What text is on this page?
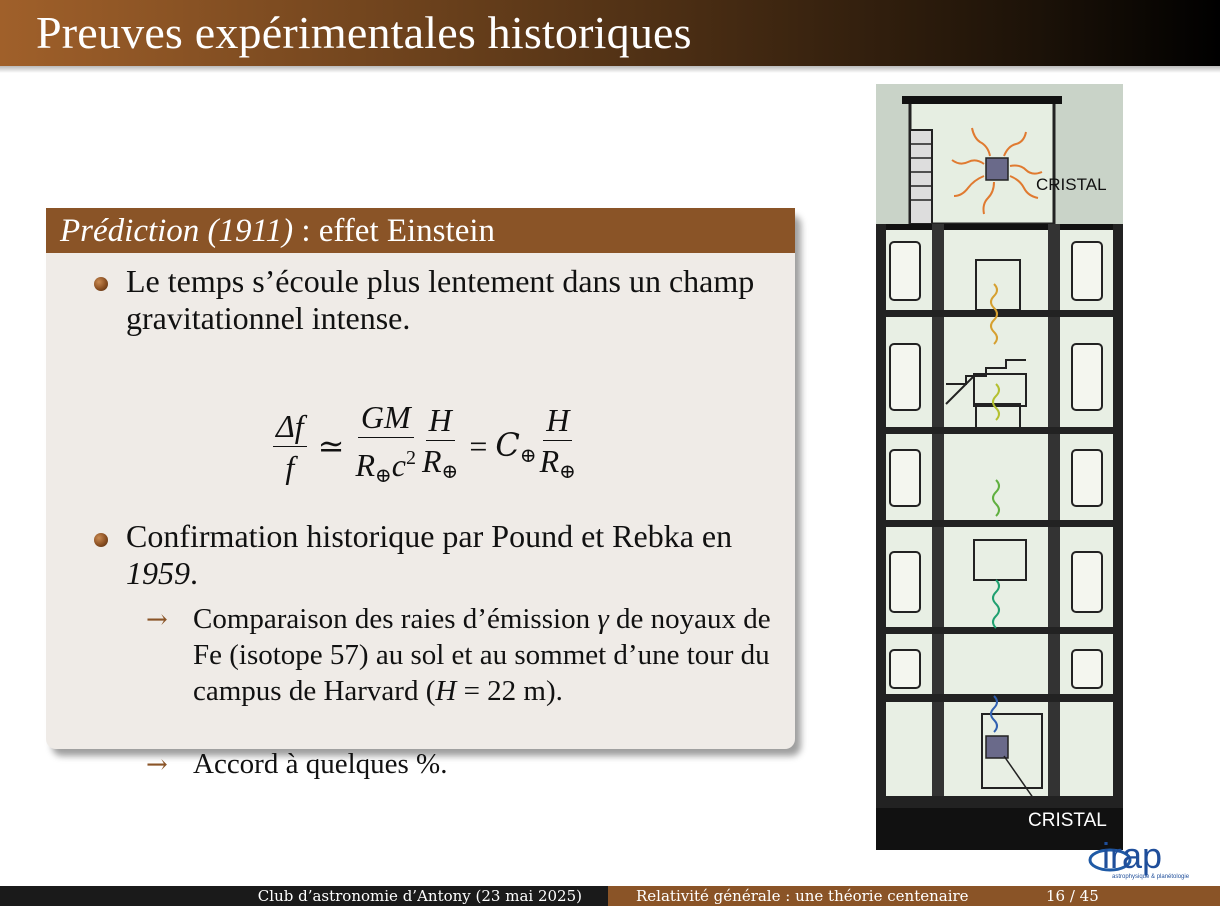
Preuves expérimentales historiques
Prédiction (1911) : effet Einstein
Le temps s’écoule plus lentement dans un champ gravitationnel intense.
$\frac{\Delta f}{f}$ ≃ $\frac{GM}{R\oplus c^2} \frac{H}{R\oplus}$ = C⊕ $\frac{H}{R\oplus}$
Confirmation historique par Pound et Rebka en 1959.
→ Comparaison des raies d’émission γ de noyaux de Fe (isotope 57) au sol et au sommet d’une tour du campus de Harvard (H = 22 m).
→ Accord à quelques %.
CRISTAL
CRISTAL
irap
astrophysique & planétologie
Club d’astronomie d’Antony (23 mai 2025)	Relativité générale : une théorie centenaire	16 / 45
